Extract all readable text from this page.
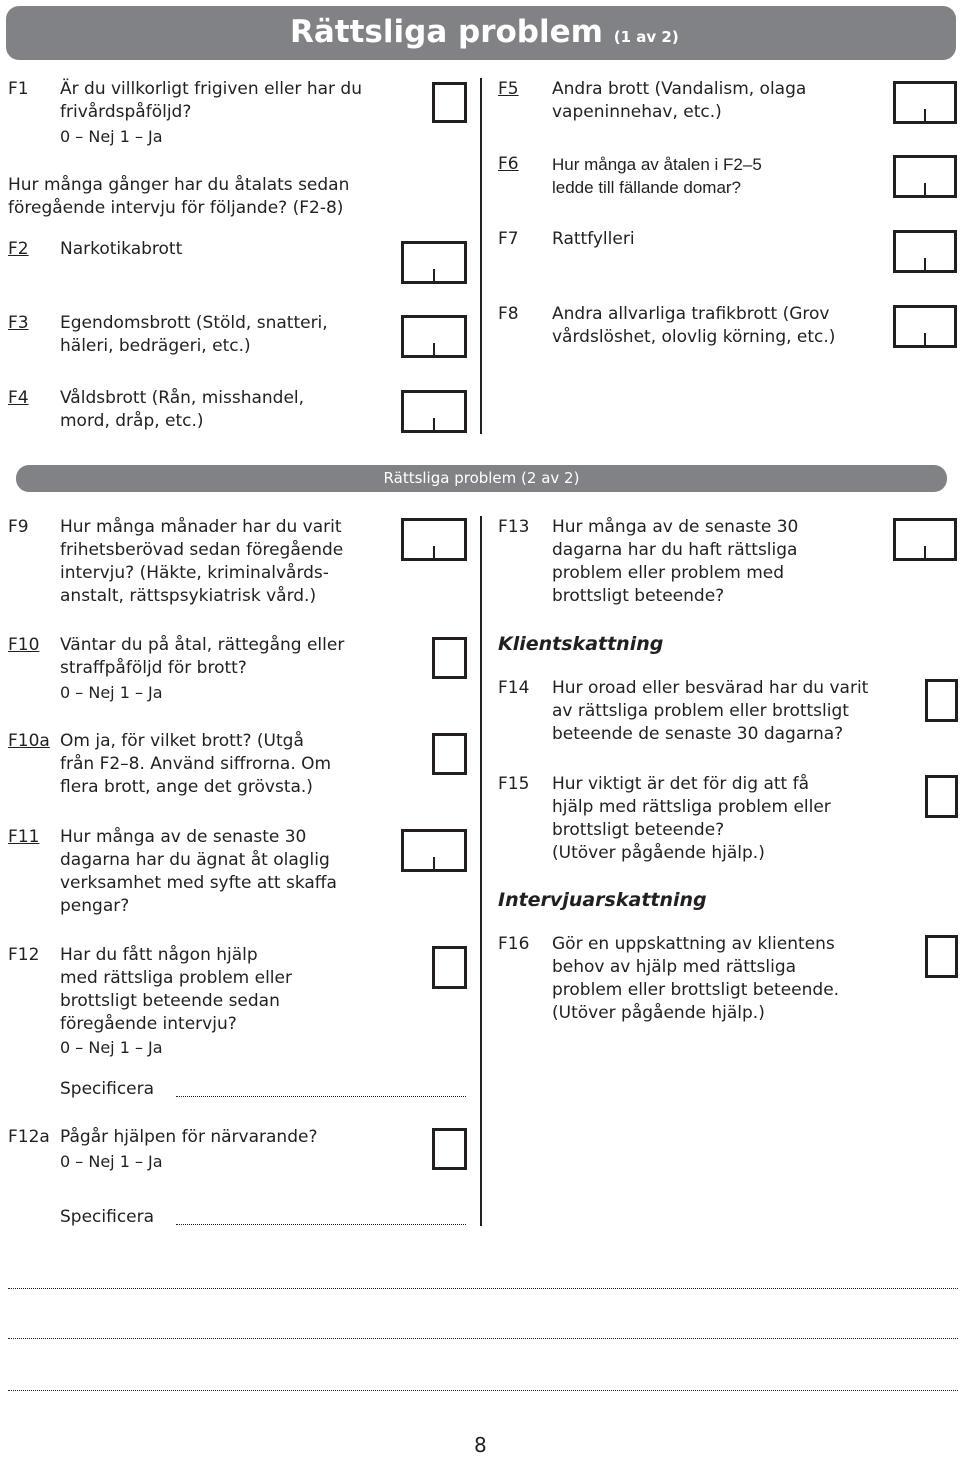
Rättsliga problem (1 av 2)
F1 Är du villkorligt frigiven eller har du
frivårdspåföljd?
0 – Nej 1 – Ja
Hur många gånger har du åtalats sedan
föregående intervju för följande? (F2-8)
F2 Narkotikabrott
F3 Egendomsbrott (Stöld, snatteri,
häleri, bedrägeri, etc.)
F4 Våldsbrott (Rån, misshandel,
mord, dråp, etc.)
F5 Andra brott (Vandalism, olaga
vapeninnehav, etc.)
F6 Hur många av åtalen i F2–5
ledde till fällande domar?
F7 Rattfylleri
F8 Andra allvarliga trafikbrott (Grov
vårdslöshet, olovlig körning, etc.)
Rättsliga problem (2 av 2)
F9 Hur många månader har du varit
frihetsberövad sedan föregående
intervju? (Häkte, kriminalvårds-
anstalt, rättspsykiatrisk vård.)
F10 Väntar du på åtal, rättegång eller
straffpåföljd för brott?
0 – Nej 1 – Ja
F10a Om ja, för vilket brott? (Utgå
från F2–8. Använd siffrorna. Om
flera brott, ange det grövsta.)
F11 Hur många av de senaste 30
dagarna har du ägnat åt olaglig
verksamhet med syfte att skaffa
pengar?
F12 Har du fått någon hjälp
med rättsliga problem eller
brottsligt beteende sedan
föregående intervju?
0 – Nej 1 – Ja
Specificera
F12a Pågår hjälpen för närvarande?
0 – Nej 1 – Ja
Specificera
F13 Hur många av de senaste 30
dagarna har du haft rättsliga
problem eller problem med
brottsligt beteende?
Klientskattning
F14 Hur oroad eller besvärad har du varit
av rättsliga problem eller brottsligt
beteende de senaste 30 dagarna?
F15 Hur viktigt är det för dig att få
hjälp med rättsliga problem eller
brottsligt beteende?
(Utöver pågående hjälp.)
Intervjuarskattning
F16 Gör en uppskattning av klientens
behov av hjälp med rättsliga
problem eller brottsligt beteende.
(Utöver pågående hjälp.)
8
